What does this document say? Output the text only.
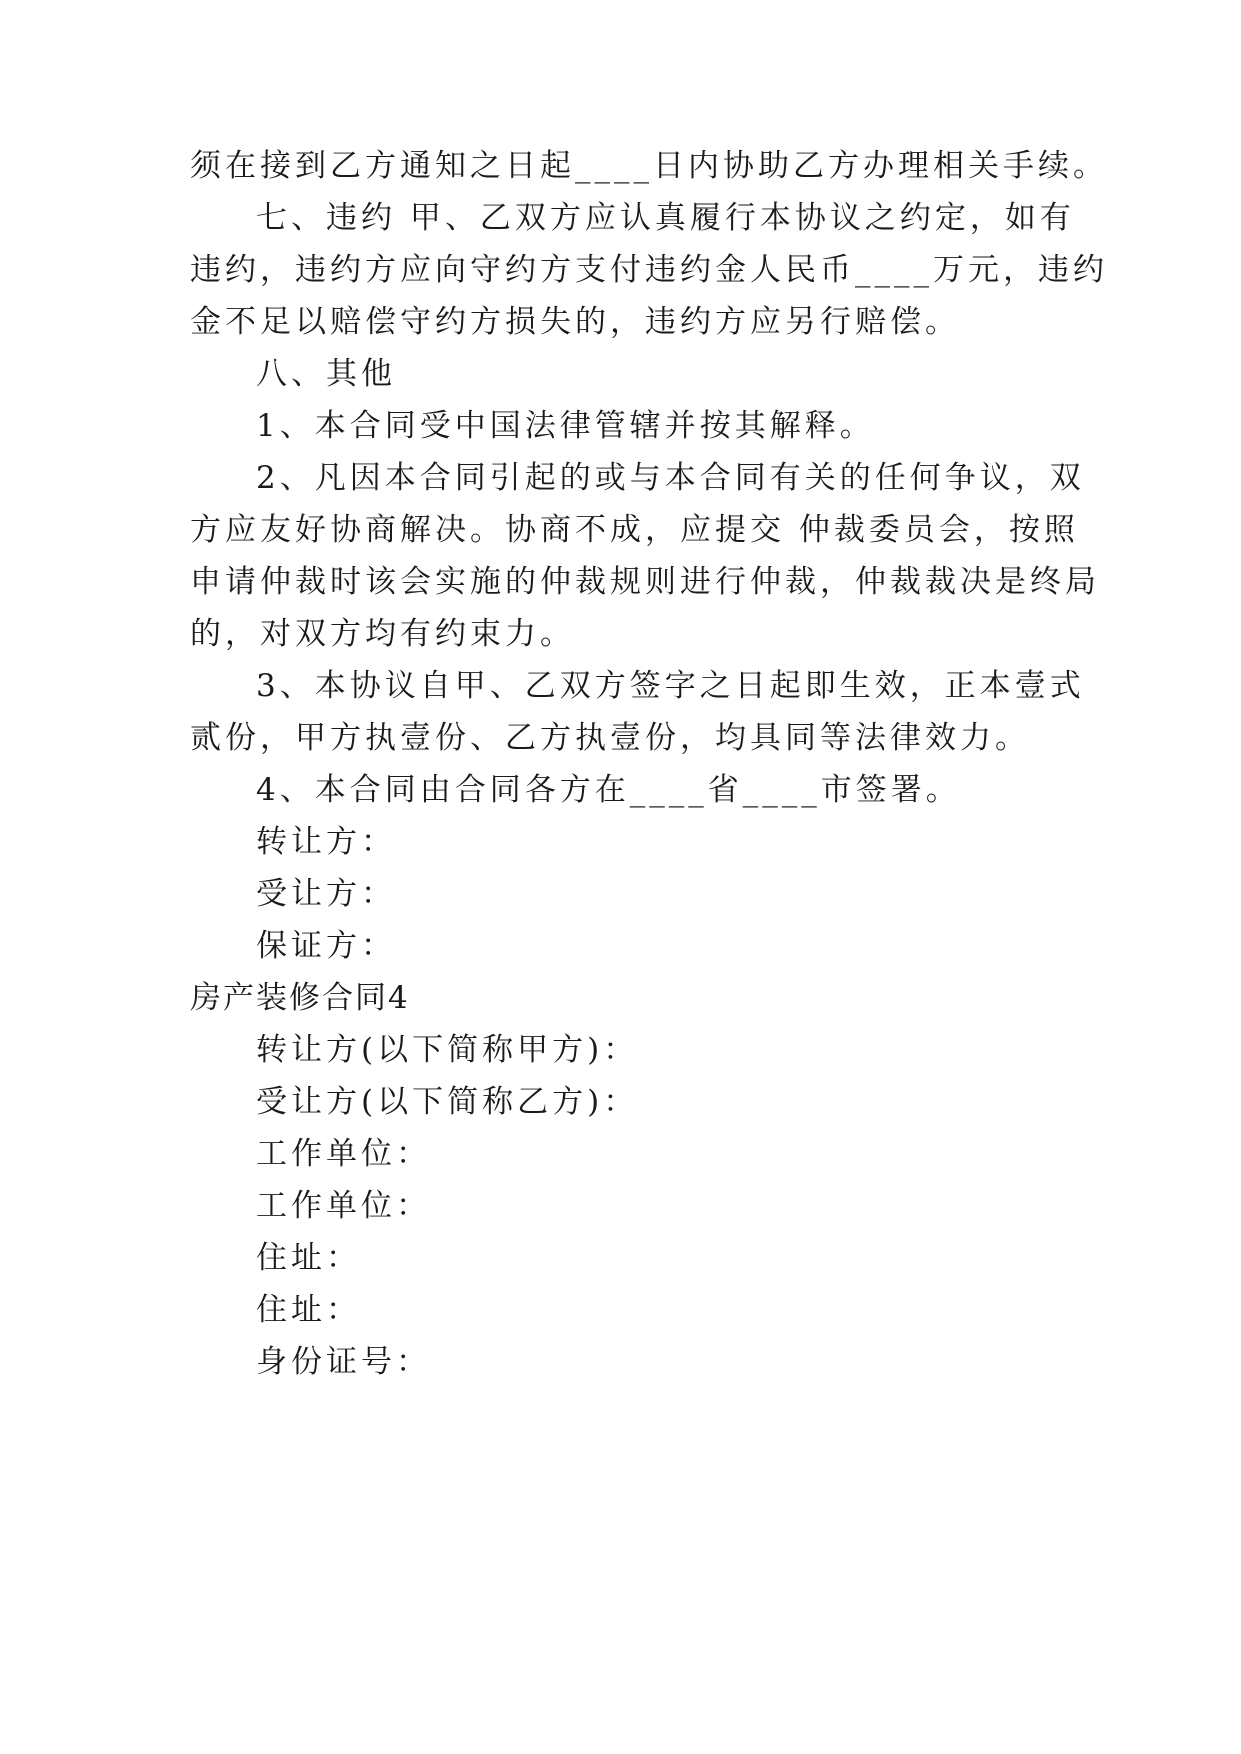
须在接到乙方通知之日起____日内协助乙方办理相关手续。
七、违约 甲、乙双方应认真履行本协议之约定，如有
违约，违约方应向守约方支付违约金人民币____万元，违约
金不足以赔偿守约方损失的，违约方应另行赔偿。
八、其他
1、本合同受中国法律管辖并按其解释。
2、凡因本合同引起的或与本合同有关的任何争议，双
方应友好协商解决。协商不成，应提交 仲裁委员会，按照
申请仲裁时该会实施的仲裁规则进行仲裁，仲裁裁决是终局
的，对双方均有约束力。
3、本协议自甲、乙双方签字之日起即生效，正本壹式
贰份，甲方执壹份、乙方执壹份，均具同等法律效力。
4、本合同由合同各方在____省____市签署。
转让方：
受让方：
保证方：
房产装修合同4
转让方(以下简称甲方)：
受让方(以下简称乙方)：
工作单位：
工作单位：
住址：
住址：
身份证号：
